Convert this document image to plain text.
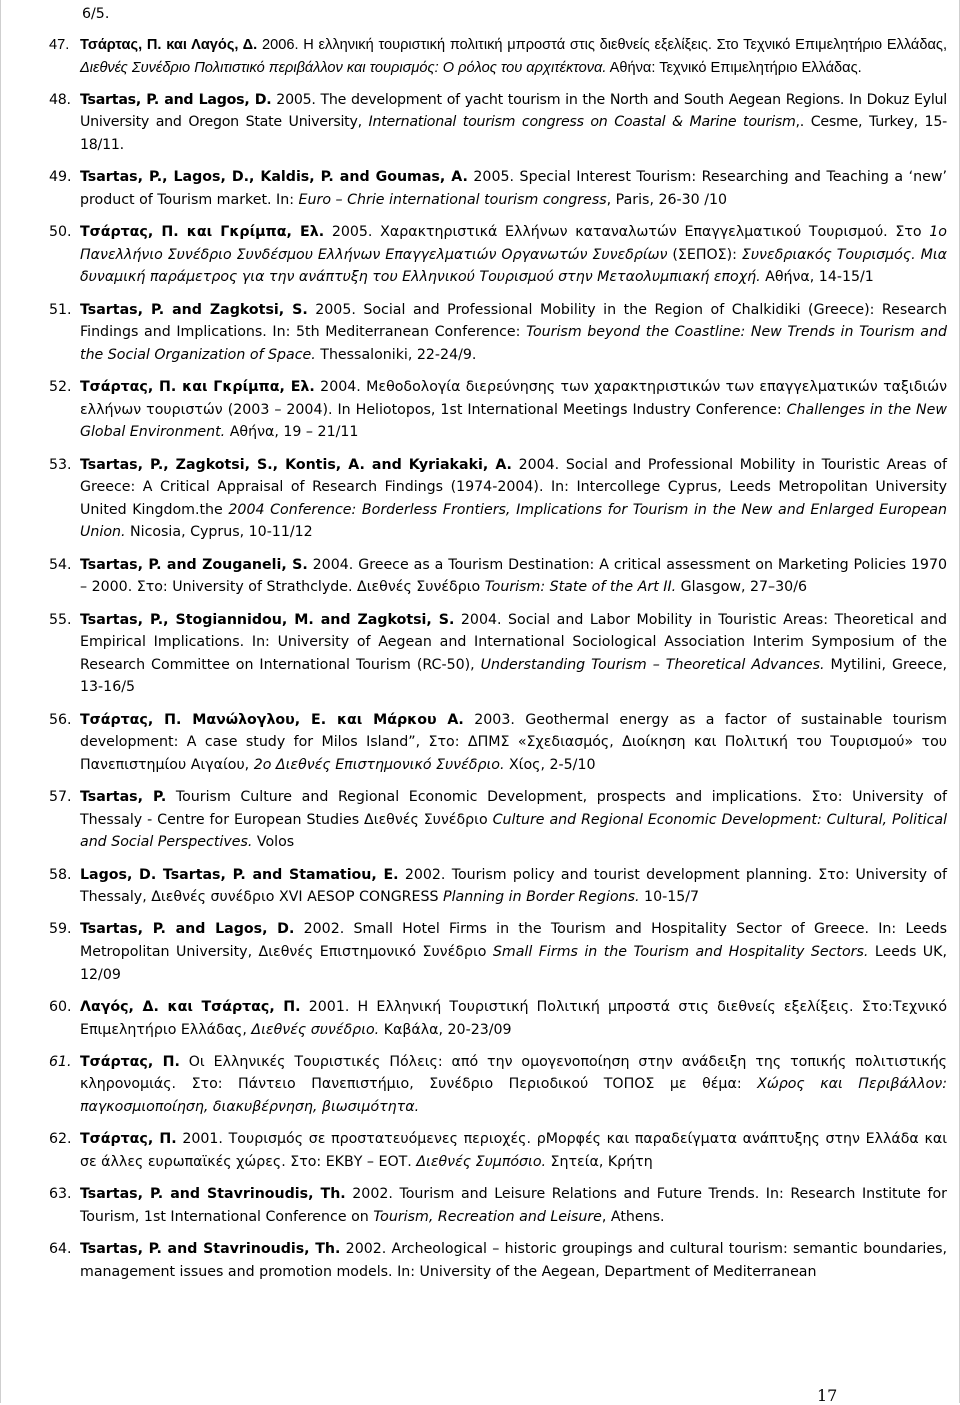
6/5.
47. Τσάρτας, Π. και Λαγός, Δ. 2006. Η ελληνική τουριστική πολιτική μπροστά στις διεθνείς εξελίξεις. Στο Τεχνικό Επιμελητήριο Ελλάδας, Διεθνές Συνέδριο Πολιτιστικό περιβάλλον και τουρισμός: Ο ρόλος του αρχιτέκτονα. Αθήνα: Τεχνικό Επιμελητήριο Ελλάδας.
48. Tsartas, P. and Lagos, D. 2005. The development of yacht tourism in the North and South Aegean Regions. In Dokuz Eylul University and Oregon State University, International tourism congress on Coastal & Marine tourism,. Cesme, Turkey, 15-18/11.
49. Tsartas, P., Lagos, D., Kaldis, P. and Goumas, A. 2005. Special Interest Tourism: Researching and Teaching a ‘new’ product of Tourism market. In: Euro – Chrie international tourism congress, Paris, 26-30 /10
50. Τσάρτας, Π. και Γκρίμπα, Ελ. 2005. Χαρακτηριστικά Ελλήνων καταναλωτών Επαγγελματικού Τουρισμού. Στο 1ο Πανελλήνιο Συνέδριο Συνδέσμου Ελλήνων Επαγγελματιών Οργανωτών Συνεδρίων (ΣΕΠΟΣ): Συνεδριακός Τουρισμός. Μια δυναμική παράμετρος για την ανάπτυξη του Ελληνικού Τουρισμού στην Μεταολυμπιακή εποχή. Αθήνα, 14-15/1
51. Tsartas, P. and Zagkotsi, S. 2005. Social and Professional Mobility in the Region of Chalkidiki (Greece): Research Findings and Implications. In: 5th Mediterranean Conference: Tourism beyond the Coastline: New Trends in Tourism and the Social Organization of Space. Thessaloniki, 22-24/9.
52. Τσάρτας, Π. και Γκρίμπα, Ελ. 2004. Μεθοδολογία διερεύνησης των χαρακτηριστικών των επαγγελματικών ταξιδιών ελλήνων τουριστών (2003 – 2004). In Heliotopos, 1st International Meetings Industry Conference: Challenges in the New Global Environment. Αθήνα, 19 – 21/11
53. Tsartas, P., Zagkotsi, S., Kontis, A. and Kyriakaki, A. 2004. Social and Professional Mobility in Touristic Areas of Greece: A Critical Appraisal of Research Findings (1974-2004). In: Intercollege Cyprus, Leeds Metropolitan University United Kingdom.the 2004 Conference: Borderless Frontiers, Implications for Tourism in the New and Enlarged European Union. Nicosia, Cyprus, 10-11/12
54. Tsartas, P. and Zouganeli, S. 2004. Greece as a Tourism Destination: A critical assessment on Marketing Policies 1970 – 2000. Στο: University of Strathclyde. Διεθνές Συνέδριο Tourism: State of the Art II. Glasgow, 27–30/6
55. Tsartas, P., Stogiannidou, M. and Zagkotsi, S. 2004. Social and Labor Mobility in Touristic Areas: Theoretical and Empirical Implications. In: University of Aegean and International Sociological Association Interim Symposium of the Research Committee on International Tourism (RC-50), Understanding Tourism – Theoretical Advances. Mytilini, Greece, 13-16/5
56. Τσάρτας, Π. Μανώλογλου, Ε. και Μάρκου Α. 2003. Geothermal energy as a factor of sustainable tourism development: A case study for Milos Island”, Στο: ΔΠΜΣ «Σχεδιασμός, Διοίκηση και Πολιτική του Τουρισμού» του Πανεπιστημίου Αιγαίου, 2ο Διεθνές Επιστημονικό Συνέδριο. Χίος, 2-5/10
57. Tsartas, P. Tourism Culture and Regional Economic Development, prospects and implications. Στο: University of Thessaly - Centre for European Studies Διεθνές Συνέδριο Culture and Regional Economic Development: Cultural, Political and Social Perspectives. Volos
58. Lagos, D. Tsartas, P. and Stamatiou, E. 2002. Tourism policy and tourist development planning. Στο: University of Thessaly, Διεθνές συνέδριο XVI AESOP CONGRESS Planning in Border Regions. 10-15/7
59. Tsartas, P. and Lagos, D. 2002. Small Hotel Firms in the Tourism and Hospitality Sector of Greece. In: Leeds Metropolitan University, Διεθνές Επιστημονικό Συνέδριο Small Firms in the Tourism and Hospitality Sectors. Leeds UK, 12/09
60. Λαγός, Δ. και Τσάρτας, Π. 2001. Η Ελληνική Τουριστική Πολιτική μπροστά στις διεθνείς εξελίξεις. Στο:Τεχνικό Επιμελητήριο Ελλάδας, Διεθνές συνέδριο. Καβάλα, 20-23/09
61. Τσάρτας, Π. Οι Ελληνικές Τουριστικές Πόλεις: από την ομογενοποίηση στην ανάδειξη της τοπικής πολιτιστικής κληρονομιάς. Στο: Πάντειο Πανεπιστήμιο, Συνέδριο Περιοδικού ΤΟΠΟΣ με θέμα: Χώρος και Περιβάλλον: παγκοσμιοποίηση, διακυβέρνηση, βιωσιμότητα.
62. Τσάρτας, Π. 2001. Τουρισμός σε προστατευόμενες περιοχές. ρΜορφές και παραδείγματα ανάπτυξης στην Ελλάδα και σε άλλες ευρωπαϊκές χώρες. Στο: ΕΚΒΥ – ΕΟΤ. Διεθνές Συμπόσιο. Σητεία, Κρήτη
63. Tsartas, P. and Stavrinoudis, Th. 2002. Tourism and Leisure Relations and Future Trends. In: Research Institute for Tourism, 1st International Conference on Tourism, Recreation and Leisure, Athens.
64. Tsartas, P. and Stavrinoudis, Th. 2002. Archeological – historic groupings and cultural tourism: semantic boundaries, management issues and promotion models. In: University of the Aegean, Department of Mediterranean
17
